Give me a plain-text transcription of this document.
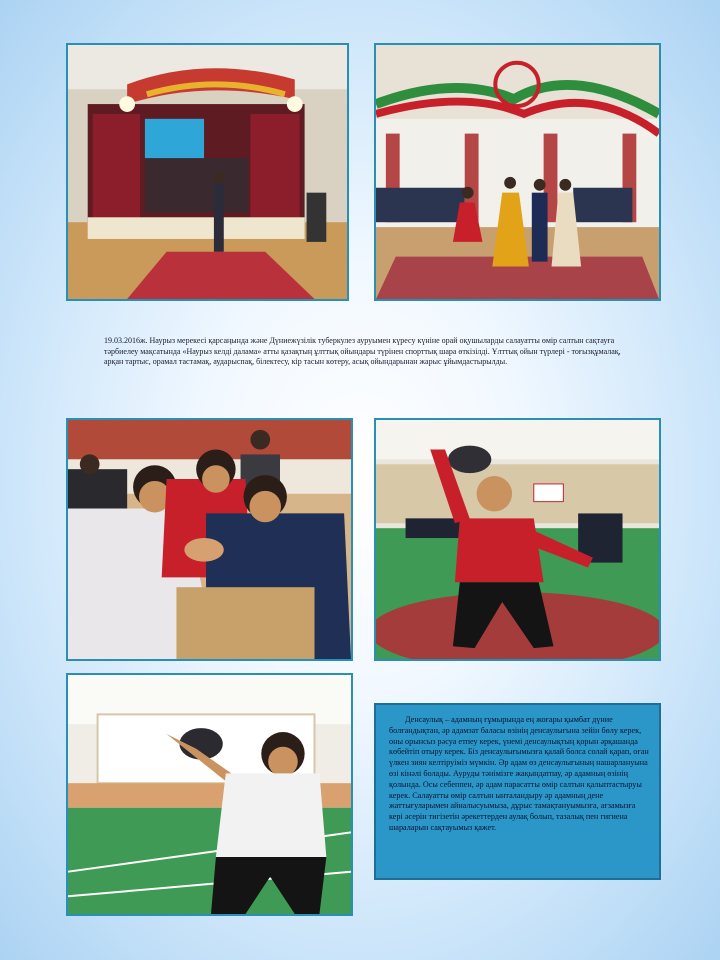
19.03.2016ж. Наурыз мерекесі қарсаңында және Дүниежүзілік туберкулез ауруымен күресу күніне орай оқушыларды салауатты өмір салтын сақтауға тәрбиелеу мақсатында «Наурыз келді далама» атты қазақтың ұлттық ойындары түрінен спорттық шара өткізілді. Ұлттық ойын түрлері - тоғызқұмалақ, арқан тартыс, орамал тастамақ, аударыспақ, білектесу, кір тасын көтеру, асық ойындарынан жарыс ұйымдастырылды.

Денсаулық – адамның ғұмырында ең жоғары қымбат дүние болғандықтан, әр адамзат баласы өзінің денсаулығына зейін бөлу керек, оны орынсыз рәсуа етпеу керек, үнемі денсаулықтың қорын әрқашанда көбейтіп отыру керек. Біз денсаулығымызға қалай болса солай қарап, оған үлкен зиян келтіруіміз мүмкін. Әр адам өз денсаулығының нашарлануына өзі кінәлі болады. Ауруды тәнімізге жақындатпау, әр адамның өзінің қолында. Осы себеппен, әр адам парасатты өмір салтын қалыптастыруы керек. Салауатты өмір салтын ынталандыру әр адамның дене жаттығуларымен айналысуымыза, дұрыс тамақтануымызға, ағзамызға кері әсерін тигізетін әрекеттерден аулақ болып, тазалық пен гигиена шараларын сақтауымыз қажет.
